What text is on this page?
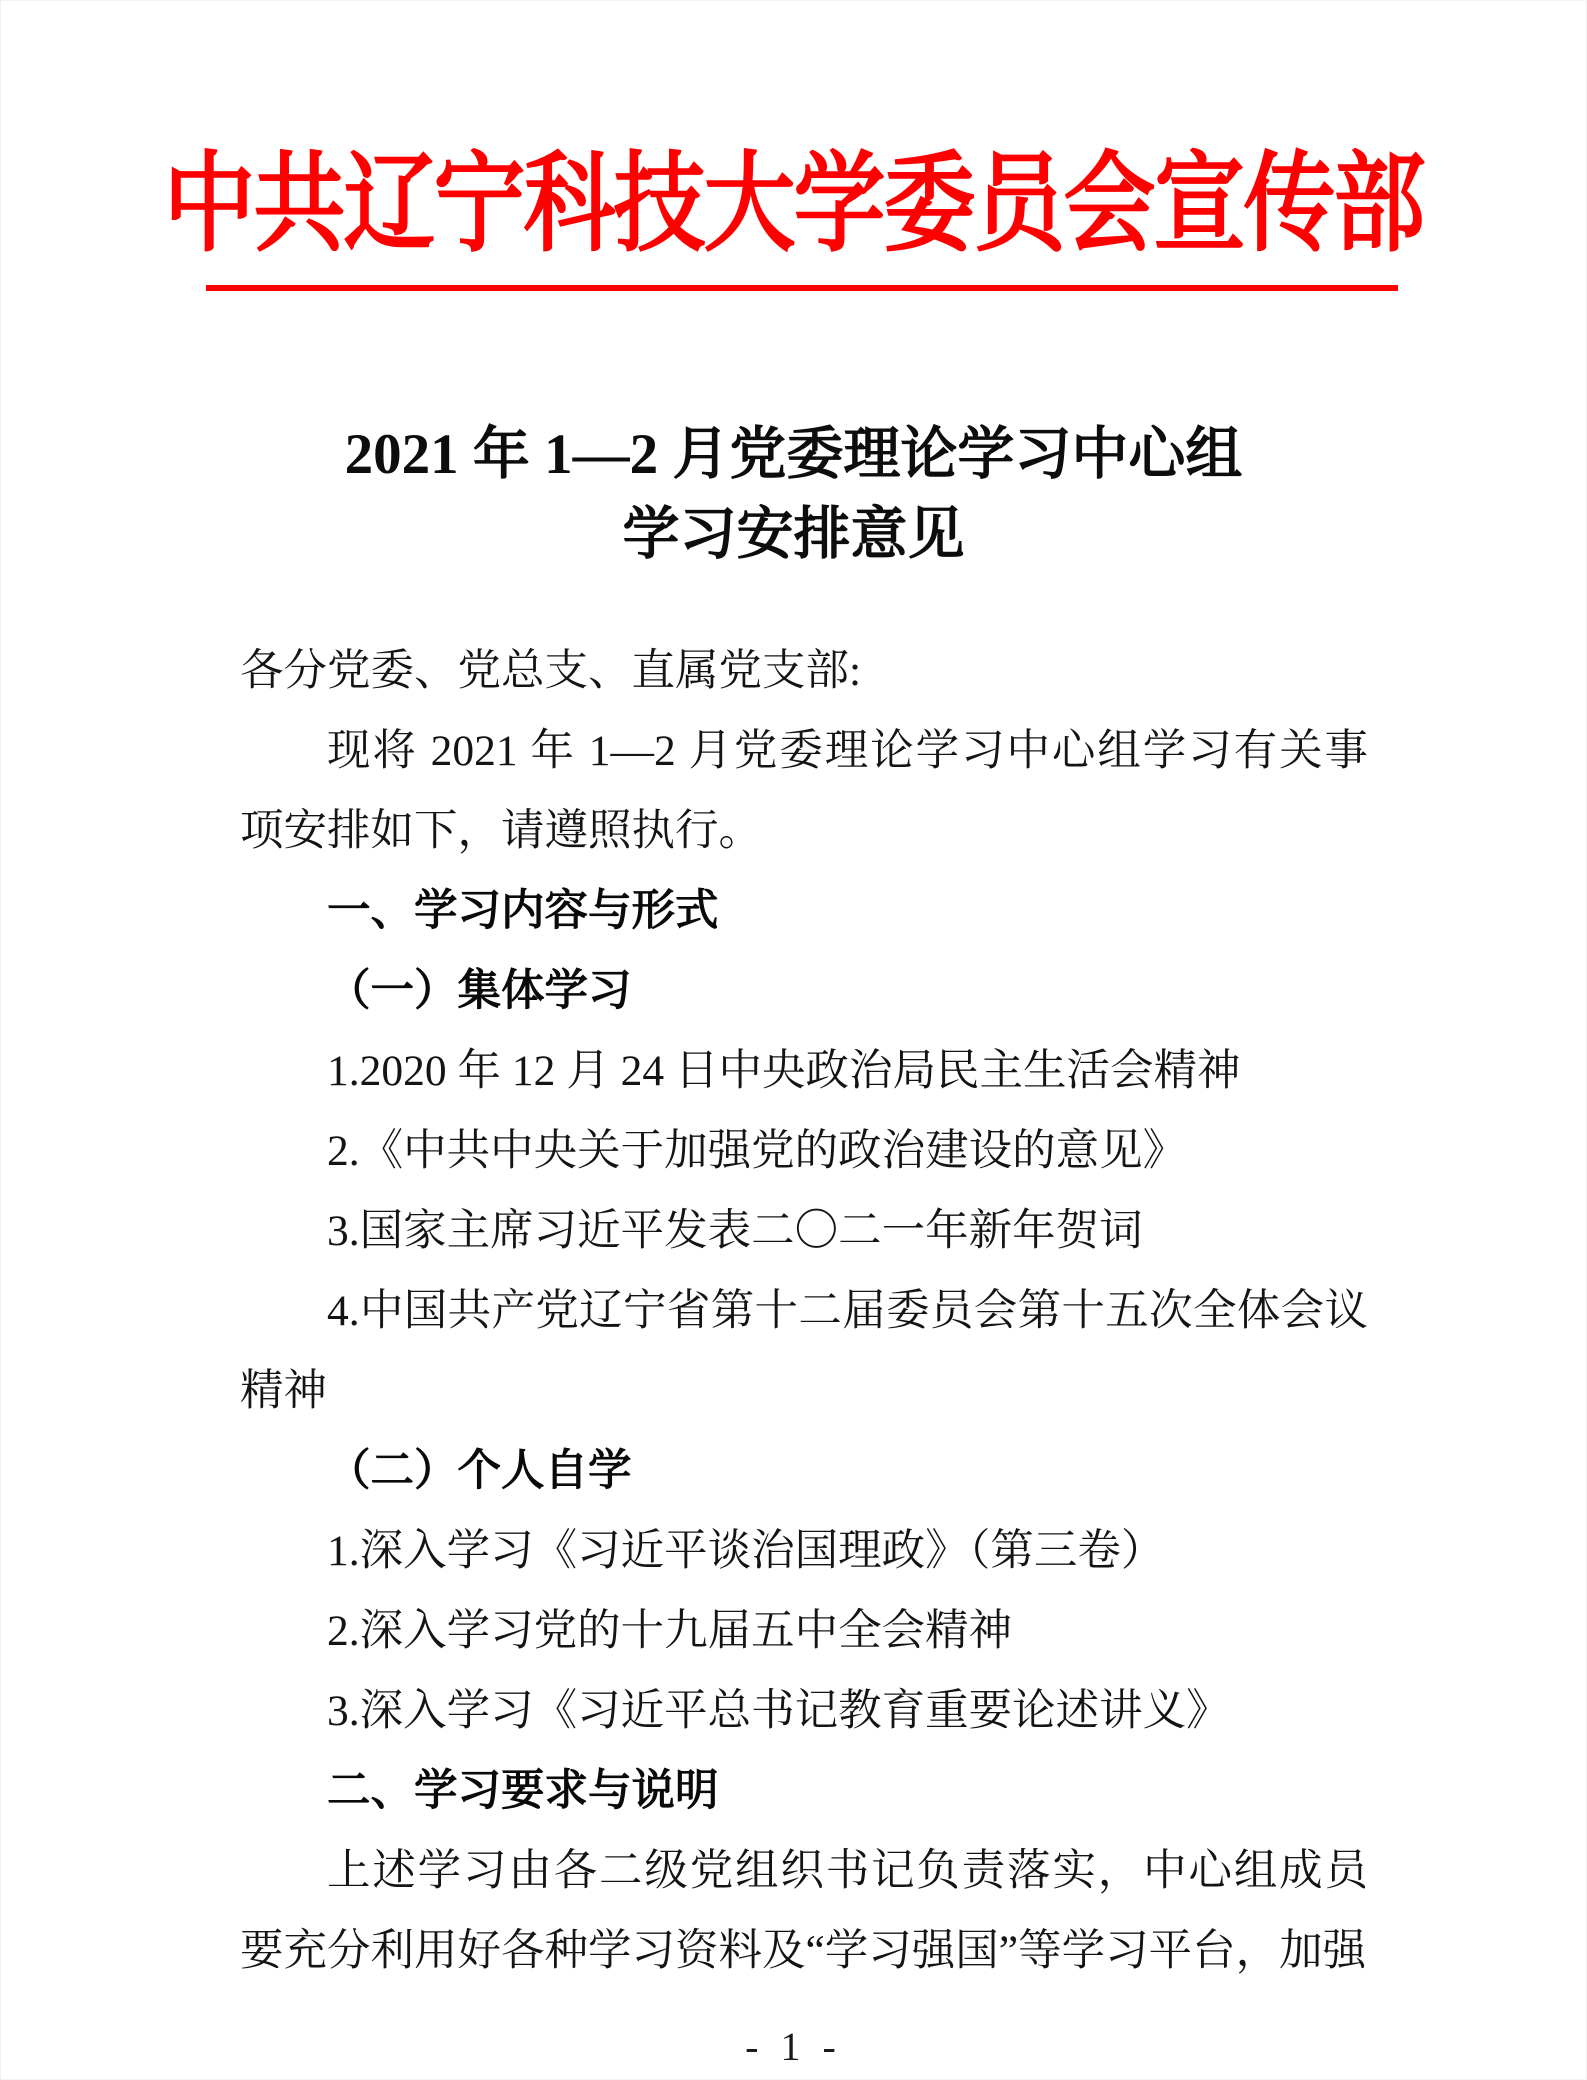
中共辽宁科技大学委员会宣传部
2021 年 1—2 月党委理论学习中心组
学习安排意见

各分党委、党总支、直属党支部:

现将 2021 年 1—2 月党委理论学习中心组学习有关事项安排如下，请遵照执行。

一、学习内容与形式

（一）集体学习

1.2020 年 12 月 24 日中央政治局民主生活会精神

2.《中共中央关于加强党的政治建设的意见》

3.国家主席习近平发表二〇二一年新年贺词

4.中国共产党辽宁省第十二届委员会第十五次全体会议精神

（二）个人自学

1.深入学习《习近平谈治国理政》（第三卷）

2.深入学习党的十九届五中全会精神

3.深入学习《习近平总书记教育重要论述讲义》

二、学习要求与说明

上述学习由各二级党组织书记负责落实，中心组成员要充分利用好各种学习资料及“学习强国”等学习平台，加强

- 1 -
